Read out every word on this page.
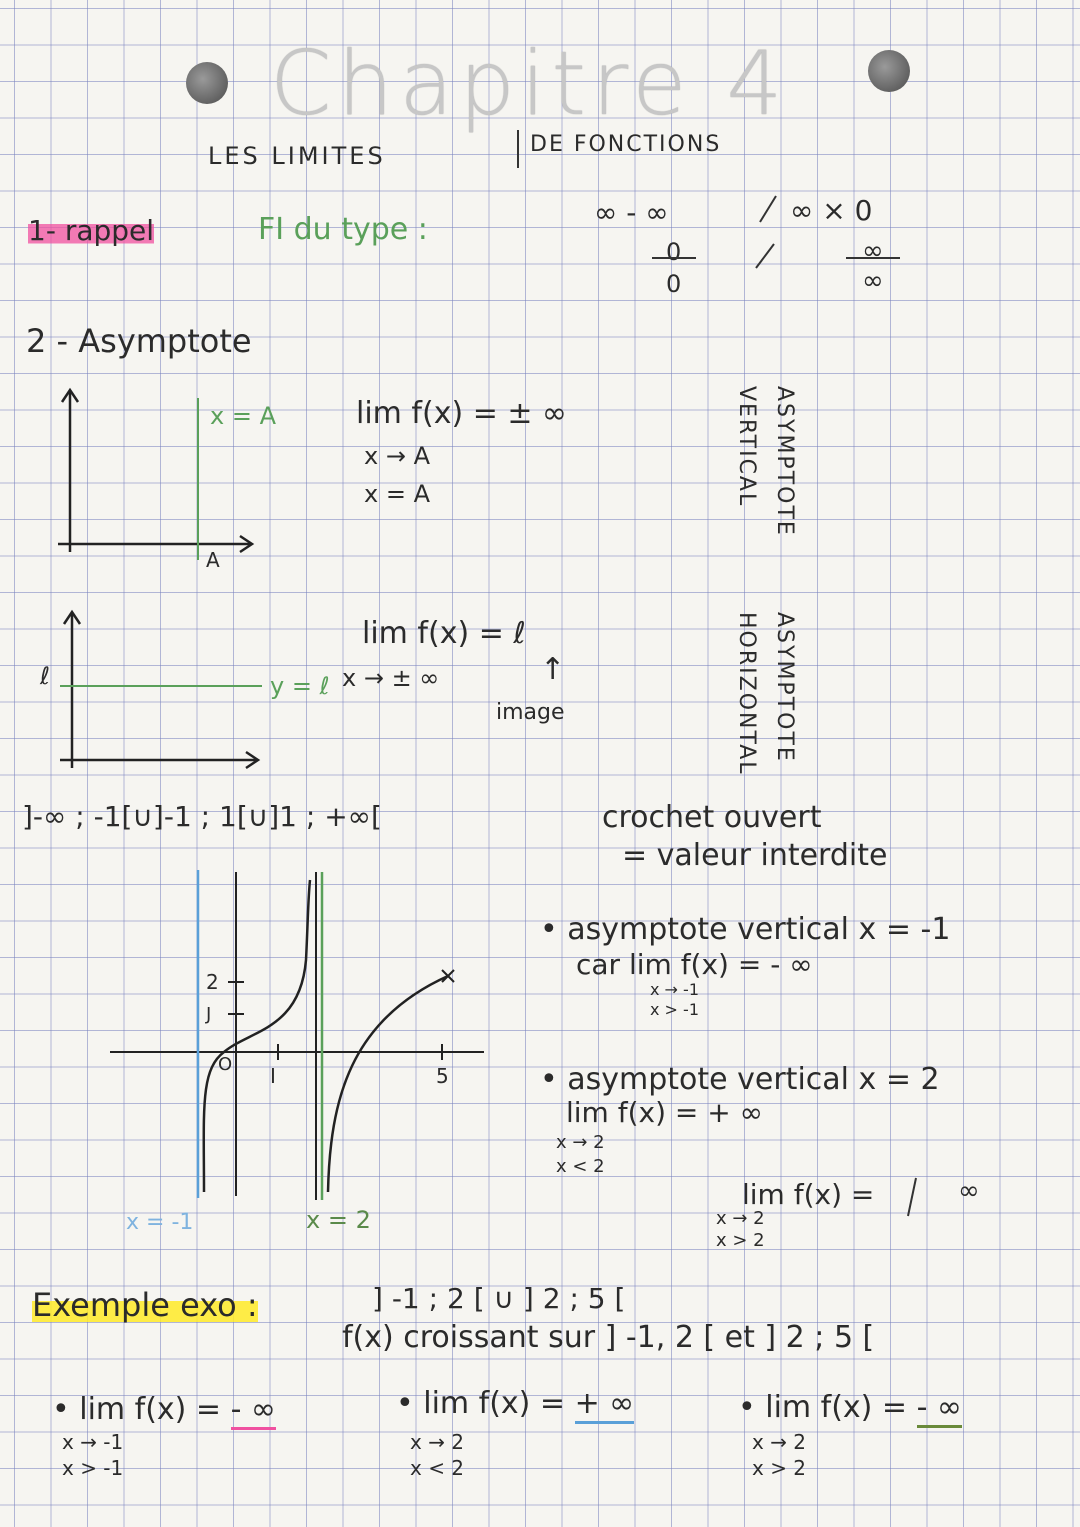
Chapitre 4
LES LIMITES	DE FONCTIONS
1- rappel	FI du type :	∞ - ∞	∞ × 0
0
0
∞
∞
2 - Asymptote
x = A
A
lim f(x) = ± ∞
x → A
x = A	ASYMPTOTE
VERTICAL
ℓ	y = ℓ
lim f(x) = ℓ
x → ± ∞	↑
image	ASYMPTOTE
HORIZONTAL
]-∞ ; -1[∪]-1 ; 1[∪]1 ; +∞[	crochet ouvert
= valeur interdite
2
J
O I	5
x = -1	x = 2
• asymptote vertical x = -1
car lim f(x) = - ∞
x → -1
x > -1
• asymptote vertical x = 2
lim f(x) = + ∞
x → 2
x < 2
lim f(x) =	∞
x → 2
x > 2
Exemple exo :	] -1 ; 2 [ ∪ ] 2 ; 5 [
f(x) croissant sur ] -1, 2 [ et ] 2 ; 5 [
• lim f(x) = - ∞
x → -1
x > -1
• lim f(x) = + ∞
x → 2
x < 2
• lim f(x) = - ∞
x → 2
x > 2
